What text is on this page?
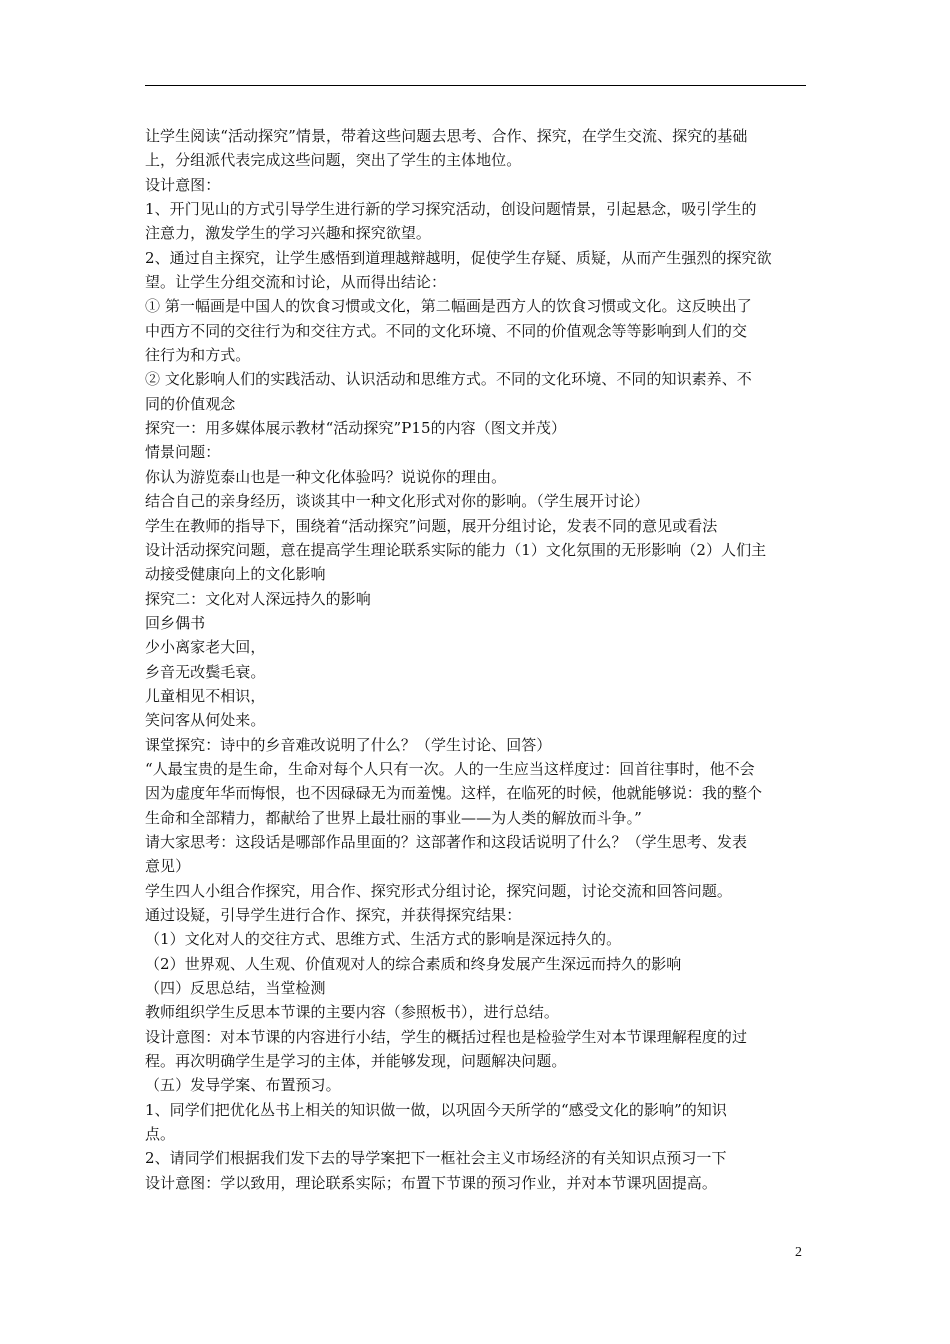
让学生阅读“活动探究”情景，带着这些问题去思考、合作、探究，在学生交流、探究的基础
上，分组派代表完成这些问题，突出了学生的主体地位。
设计意图：
1、开门见山的方式引导学生进行新的学习探究活动，创设问题情景，引起悬念，吸引学生的
注意力，激发学生的学习兴趣和探究欲望。
2、通过自主探究，让学生感悟到道理越辩越明，促使学生存疑、质疑，从而产生强烈的探究欲
望。让学生分组交流和讨论，从而得出结论：
① 第一幅画是中国人的饮食习惯或文化，第二幅画是西方人的饮食习惯或文化。这反映出了
中西方不同的交往行为和交往方式。不同的文化环境、不同的价值观念等等影响到人们的交
往行为和方式。
② 文化影响人们的实践活动、认识活动和思维方式。不同的文化环境、不同的知识素养、不
同的价值观念
探究一：用多媒体展示教材“活动探究”P15的内容（图文并茂）
情景问题：
你认为游览泰山也是一种文化体验吗？说说你的理由。
结合自己的亲身经历，谈谈其中一种文化形式对你的影响。（学生展开讨论）
学生在教师的指导下，围绕着“活动探究”问题，展开分组讨论，发表不同的意见或看法
设计活动探究问题，意在提高学生理论联系实际的能力（1）文化氛围的无形影响（2）人们主
动接受健康向上的文化影响
探究二：文化对人深远持久的影响
回乡偶书
少小离家老大回，
乡音无改鬓毛衰。
儿童相见不相识，
笑问客从何处来。
课堂探究：诗中的乡音难改说明了什么？（学生讨论、回答）
“人最宝贵的是生命，生命对每个人只有一次。人的一生应当这样度过：回首往事时，他不会
因为虚度年华而悔恨，也不因碌碌无为而羞愧。这样，在临死的时候，他就能够说：我的整个
生命和全部精力，都献给了世界上最壮丽的事业——为人类的解放而斗争。”
请大家思考：这段话是哪部作品里面的？这部著作和这段话说明了什么？（学生思考、发表
意见）
学生四人小组合作探究，用合作、探究形式分组讨论，探究问题，讨论交流和回答问题。
通过设疑，引导学生进行合作、探究，并获得探究结果：
（1）文化对人的交往方式、思维方式、生活方式的影响是深远持久的。
（2）世界观、人生观、价值观对人的综合素质和终身发展产生深远而持久的影响
（四）反思总结，当堂检测
教师组织学生反思本节课的主要内容（参照板书），进行总结。
设计意图：对本节课的内容进行小结，学生的概括过程也是检验学生对本节课理解程度的过
程。再次明确学生是学习的主体，并能够发现，问题解决问题。
（五）发导学案、布置预习。
1、同学们把优化丛书上相关的知识做一做，以巩固今天所学的“感受文化的影响”的知识
点。
2、请同学们根据我们发下去的导学案把下一框社会主义市场经济的有关知识点预习一下
设计意图：学以致用，理论联系实际；布置下节课的预习作业，并对本节课巩固提高。
2
